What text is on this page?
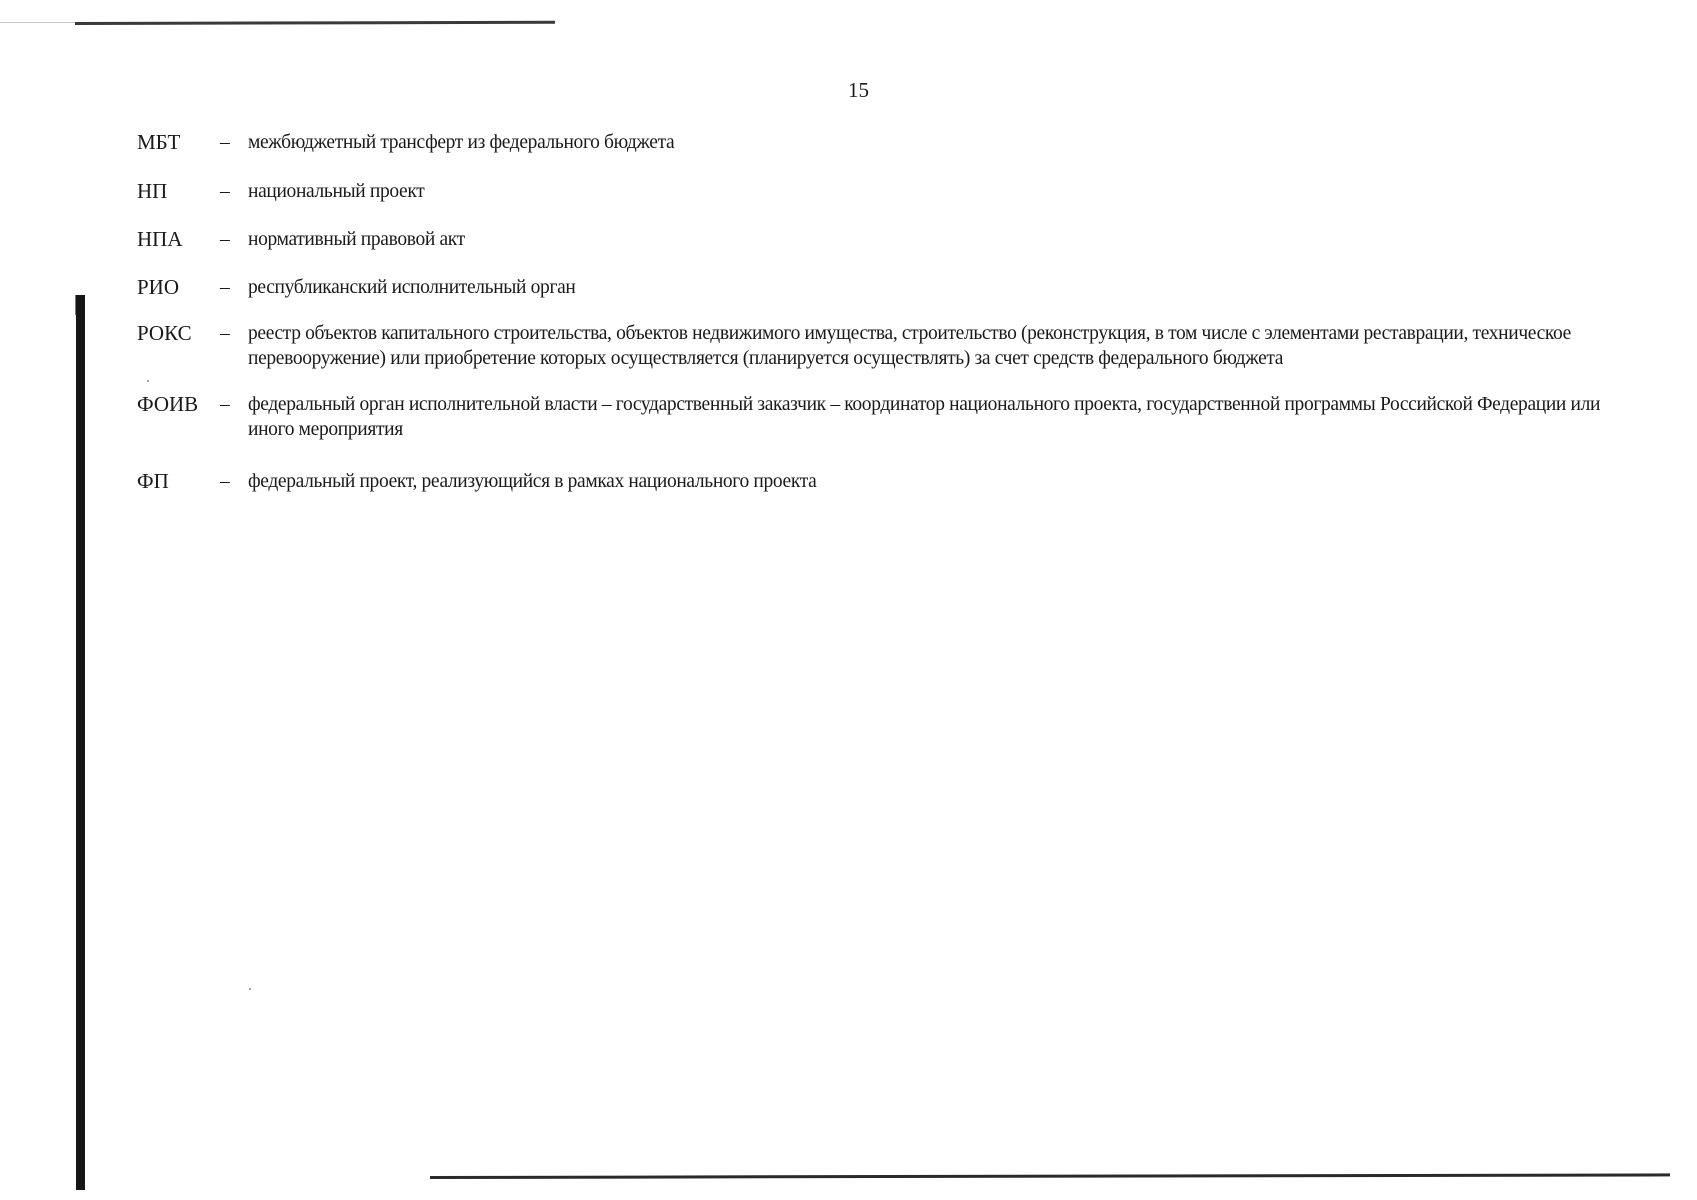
15
МБТ	– межбюджетный трансферт из федерального бюджета
НП	– национальный проект
НПА	– нормативный правовой акт
РИО	– республиканский исполнительный орган
РОКС	– реестр объектов капитального строительства, объектов недвижимого имущества, строительство (реконструкция, в том числе с элементами реставрации, техническое перевооружение) или приобретение которых осуществляется (планируется осуществлять) за счет средств федерального бюджета
ФОИВ	– федеральный орган исполнительной власти – государственный заказчик – координатор национального проекта, государственной программы Российской Федерации или иного мероприятия
ФП	– федеральный проект, реализующийся в рамках национального проекта
